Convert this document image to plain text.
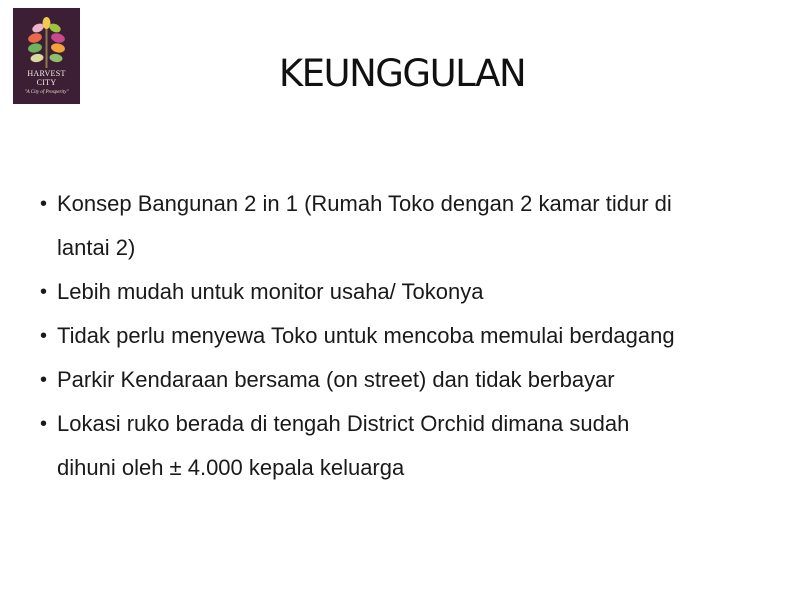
HARVEST
CITY
"A City of Prosperity"	KEUNGGULAN
• Konsep Bangunan 2 in 1 (Rumah Toko dengan 2 kamar tidur di
lantai 2)
• Lebih mudah untuk monitor usaha/ Tokonya
• Tidak perlu menyewa Toko untuk mencoba memulai berdagang
• Parkir Kendaraan bersama (on street) dan tidak berbayar
• Lokasi ruko berada di tengah District Orchid dimana sudah
dihuni oleh ± 4.000 kepala keluarga
